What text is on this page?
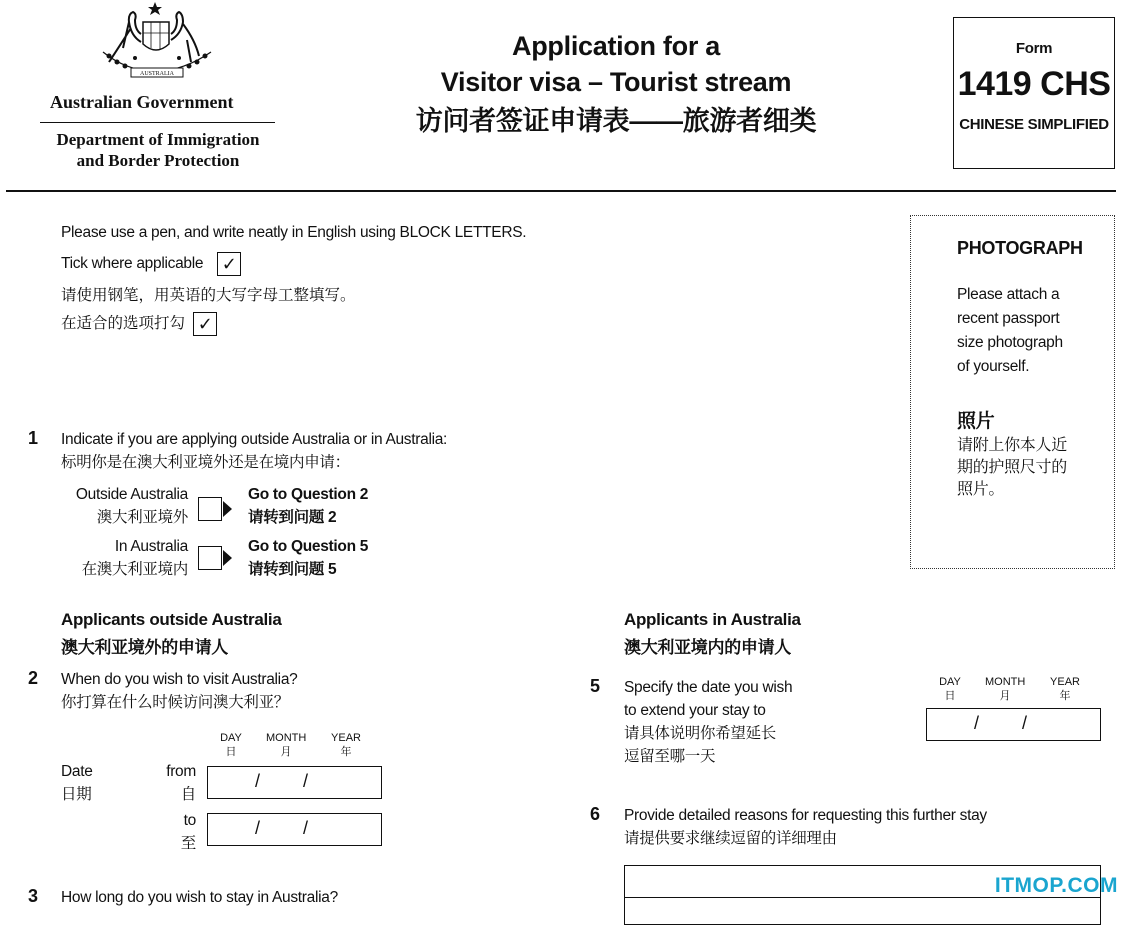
AUSTRALIA
Australian Government
Department of Immigration
and Border Protection
Application for a
Visitor visa – Tourist stream
访问者签证申请表——旅游者细类
Form
1419 CHS
CHINESE SIMPLIFIED
Please use a pen, and write neatly in English using BLOCK LETTERS.
Tick where applicable ✓
请使用钢笔，用英语的大写字母工整填写。
在适合的选项打勾 ✓
PHOTOGRAPH
Please attach a
recent passport
size photograph
of yourself.
照片
请附上你本人近
期的护照尺寸的
照片。
1 Indicate if you are applying outside Australia or in Australia:
标明你是在澳大利亚境外还是在境内申请：
Outside Australia
澳大利亚境外
Go to Question 2
请转到问题 2
In Australia
在澳大利亚境内
Go to Question 5
请转到问题 5
Applicants outside Australia
澳大利亚境外的申请人
2 When do you wish to visit Australia?
你打算在什么时候访问澳大利亚？
DAY
日
MONTH
月
YEAR
年
Date
日期
from
自
/ /
to
至
/ /
3 How long do you wish to stay in Australia?
Applicants in Australia
澳大利亚境内的申请人
5 Specify the date you wish
to extend your stay to
请具体说明你希望延长
逗留至哪一天
DAY
日
MONTH
月
YEAR
年
/ /
6 Provide detailed reasons for requesting this further stay
请提供要求继续逗留的详细理由
ITMOP.COM
